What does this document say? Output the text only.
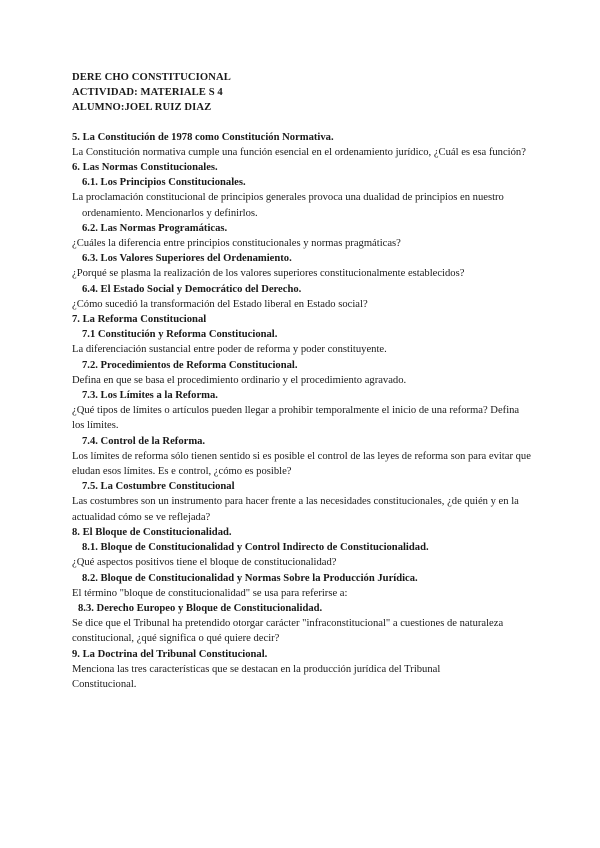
DERE CHO CONSTITUCIONAL
ACTIVIDAD: MATERIALE S 4
ALUMNO:JOEL RUIZ DIAZ
5. La Constitución de 1978 como Constitución Normativa.
La Constitución normativa cumple una función esencial en el ordenamiento jurídico, ¿Cuál es esa función?
6. Las Normas Constitucionales.
6.1. Los Principios Constitucionales.
La proclamación constitucional de principios generales provoca una dualidad de principios en nuestro
ordenamiento. Mencionarlos y definirlos.
6.2. Las Normas Programáticas.
¿Cuáles la diferencia entre principios constitucionales y normas pragmáticas?
6.3. Los Valores Superiores del Ordenamiento.
¿Porqué se plasma la realización de los valores superiores constitucionalmente establecidos?
6.4. El Estado Social y Democrático del Derecho.
¿Cómo sucedió la transformación del Estado liberal en Estado social?
7. La Reforma Constitucional
7.1 Constitución y Reforma Constitucional.
La diferenciación sustancial entre poder de reforma y poder constituyente.
7.2. Procedimientos de Reforma Constitucional.
Defina en que se basa el procedimiento ordinario y el procedimiento agravado.
7.3. Los Límites a la Reforma.
¿Qué tipos de límites o artículos pueden llegar a prohibir temporalmente el inicio de una reforma? Defina los límites.
7.4. Control de la Reforma.
Los límites de reforma sólo tienen sentido si es posible el control de las leyes de reforma son para evitar que eludan esos límites. Es e control, ¿cómo es posible?
7.5. La Costumbre Constitucional
Las costumbres son un instrumento para hacer frente a las necesidades constitucionales, ¿de quién y en la actualidad cómo se ve reflejada?
8. El Bloque de Constitucionalidad.
8.1. Bloque de Constitucionalidad y Control Indirecto de Constitucionalidad.
¿Qué aspectos positivos tiene el bloque de constitucionalidad?
8.2. Bloque de Constitucionalidad y Normas Sobre la Producción Jurídica.
El término "bloque de constitucionalidad" se usa para referirse a:
8.3. Derecho Europeo y Bloque de Constitucionalidad.
Se dice que el Tribunal ha pretendido otorgar carácter "infraconstitucional" a cuestiones de naturaleza constitucional, ¿qué significa o qué quiere decir?
9. La Doctrina del Tribunal Constitucional.
Menciona las tres características que se destacan en la producción jurídica del Tribunal
Constitucional.
